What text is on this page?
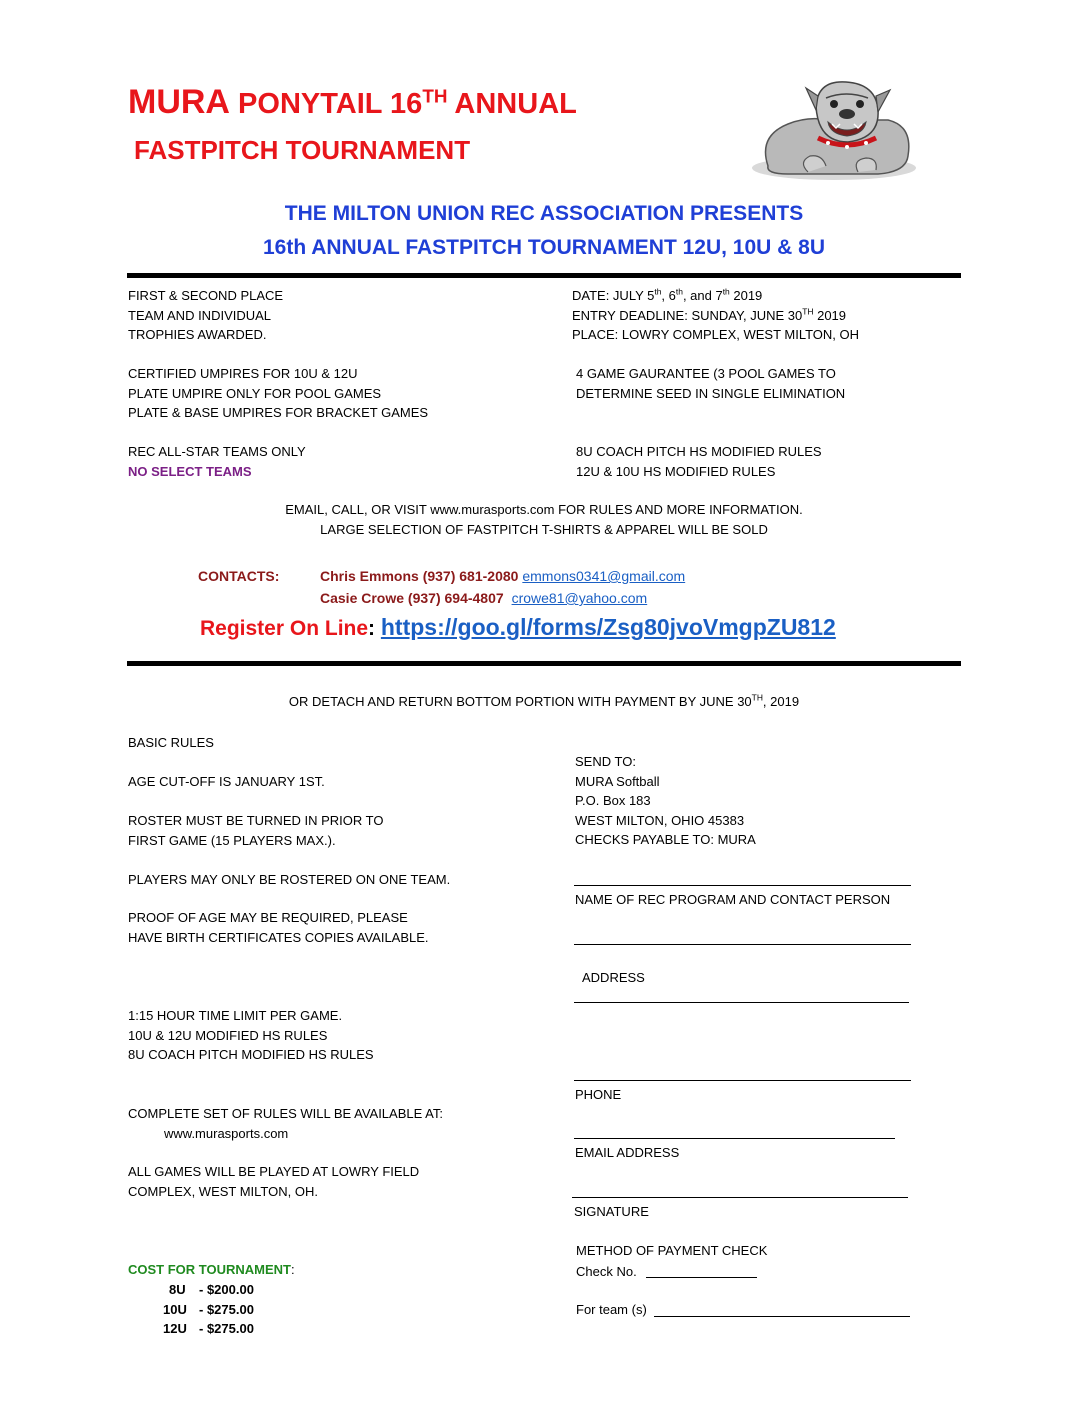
MURA PONYTAIL 16TH ANNUAL
FASTPITCH TOURNAMENT
THE MILTON UNION REC ASSOCIATION PRESENTS
16th ANNUAL FASTPITCH TOURNAMENT 12U, 10U & 8U
FIRST & SECOND PLACE
TEAM AND INDIVIDUAL
TROPHIES AWARDED.
DATE: JULY 5th, 6th, and 7th 2019
ENTRY DEADLINE: SUNDAY, JUNE 30TH 2019
PLACE: LOWRY COMPLEX, WEST MILTON, OH
CERTIFIED UMPIRES FOR 10U & 12U
PLATE UMPIRE ONLY FOR POOL GAMES
PLATE & BASE UMPIRES FOR BRACKET GAMES
4 GAME GAURANTEE (3 POOL GAMES TO
DETERMINE SEED IN SINGLE ELIMINATION
REC ALL-STAR TEAMS ONLY
NO SELECT TEAMS
8U COACH PITCH HS MODIFIED RULES
12U & 10U HS MODIFIED RULES
EMAIL, CALL, OR VISIT www.murasports.com FOR RULES AND MORE INFORMATION.
LARGE SELECTION OF FASTPITCH T-SHIRTS & APPAREL WILL BE SOLD
CONTACTS:	Chris Emmons (937) 681-2080 emmons0341@gmail.com
Casie Crowe (937) 694-4807 crowe81@yahoo.com
Register On Line: https://goo.gl/forms/Zsg80jvoVmgpZU812
OR DETACH AND RETURN BOTTOM PORTION WITH PAYMENT BY JUNE 30TH, 2019
BASIC RULES
AGE CUT-OFF IS JANUARY 1ST.
ROSTER MUST BE TURNED IN PRIOR TO
FIRST GAME (15 PLAYERS MAX.).
PLAYERS MAY ONLY BE ROSTERED ON ONE TEAM.
PROOF OF AGE MAY BE REQUIRED, PLEASE
HAVE BIRTH CERTIFICATES COPIES AVAILABLE.
1:15 HOUR TIME LIMIT PER GAME.
10U & 12U MODIFIED HS RULES
8U COACH PITCH MODIFIED HS RULES
COMPLETE SET OF RULES WILL BE AVAILABLE AT:
www.murasports.com
ALL GAMES WILL BE PLAYED AT LOWRY FIELD
COMPLEX, WEST MILTON, OH.
COST FOR TOURNAMENT:
8U - $200.00
10U - $275.00
12U - $275.00
SEND TO:
MURA Softball
P.O. Box 183
WEST MILTON, OHIO 45383
CHECKS PAYABLE TO: MURA
NAME OF REC PROGRAM AND CONTACT PERSON
ADDRESS
PHONE
EMAIL ADDRESS
SIGNATURE
METHOD OF PAYMENT CHECK
Check No.
For team (s)
